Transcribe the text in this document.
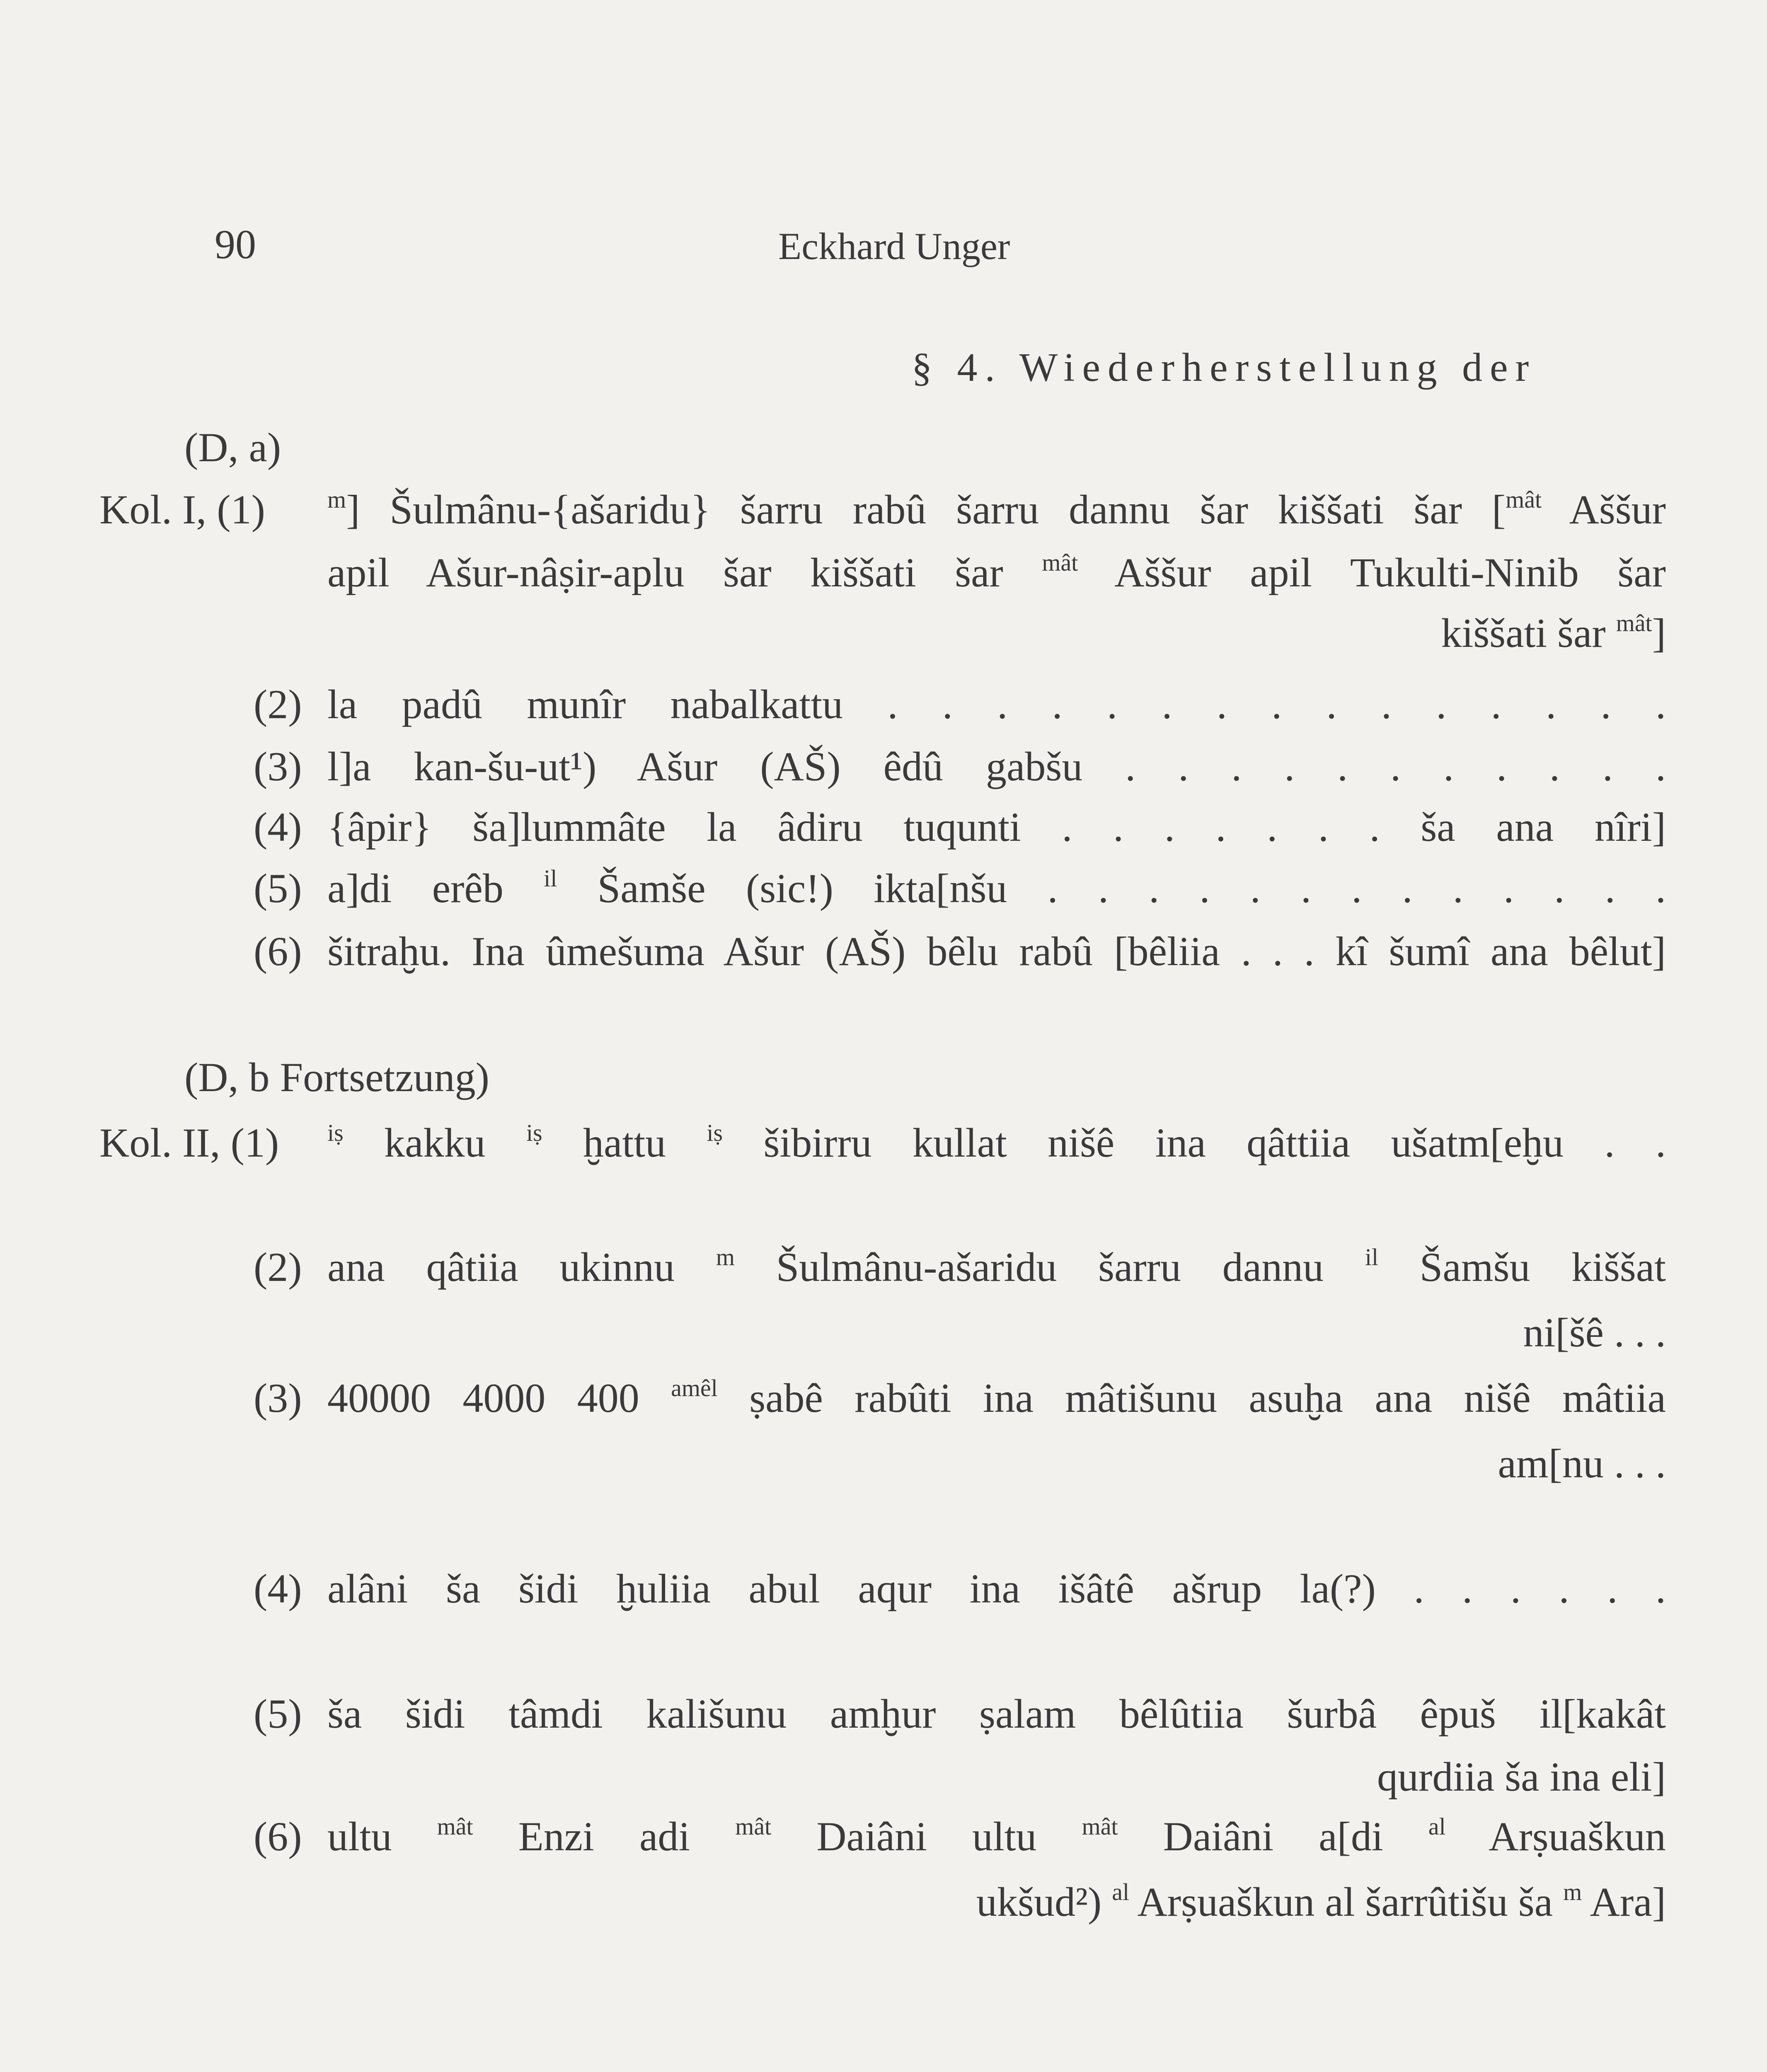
90	Eckhard Unger
§ 4. Wiederherstellung der
(D, a)
Kol. I, (1)	$^m$] Šulmânu-{ašaridu} šarru rabû šarru dannu šar kiššati šar [$^{mât}$ Aššur
apil Ašur-nâṣir-aplu šar kiššati šar $^{mât}$ Aššur apil Tukulti-Ninib šar
kiššati šar $^{mât}$]
(2) la padû munîr nabalkattu . . . . . . . . . . . . . . .
(3) l]a kan-šu-ut¹) Ašur (AŠ) êdû gabšu . . . . . . . . . . .
(4) {âpir} ša]lummâte la âdiru tuqunti . . . . . . . ša ana nîri]
(5) a]di erêb $^{il}$ Šamše (sic!) ikta[nšu . . . . . . . . . . . . .
(6) šitraḫu. Ina ûmešuma Ašur (AŠ) bêlu rabû [bêliia . . . kî šumî ana bêlut]
(D, b Fortsetzung)
Kol. II, (1) $^{iṣ}$ kakku $^{iṣ}$ ḫattu $^{iṣ}$ šibirru kullat nišê ina qâttiia ušatm[eḫu . .
(2) ana qâtiia ukinnu $^m$ Šulmânu-ašaridu šarru dannu $^{il}$ Šamšu kiššat
ni[šê . . .
(3) 40000 4000 400 $^{amêl}$ ṣabê rabûti ina mâtišunu asuḫa ana nišê mâtiia
am[nu . . .
(4) alâni ša šidi ḫuliia abul aqur ina išâtê ašrup la(?) . . . . . .
(5) ša šidi tâmdi kališunu amḫur ṣalam bêlûtiia šurbâ êpuš il[kakât
qurdiia ša ina eli]
(6) ultu $^{mât}$ Enzi adi $^{mât}$ Daiâni ultu $^{mât}$ Daiâni a[di $^{al}$ Arṣuaškun
ukšud²) $^{al}$ Arṣuaškun al šarrûtišu ša $^m$ Ara]
